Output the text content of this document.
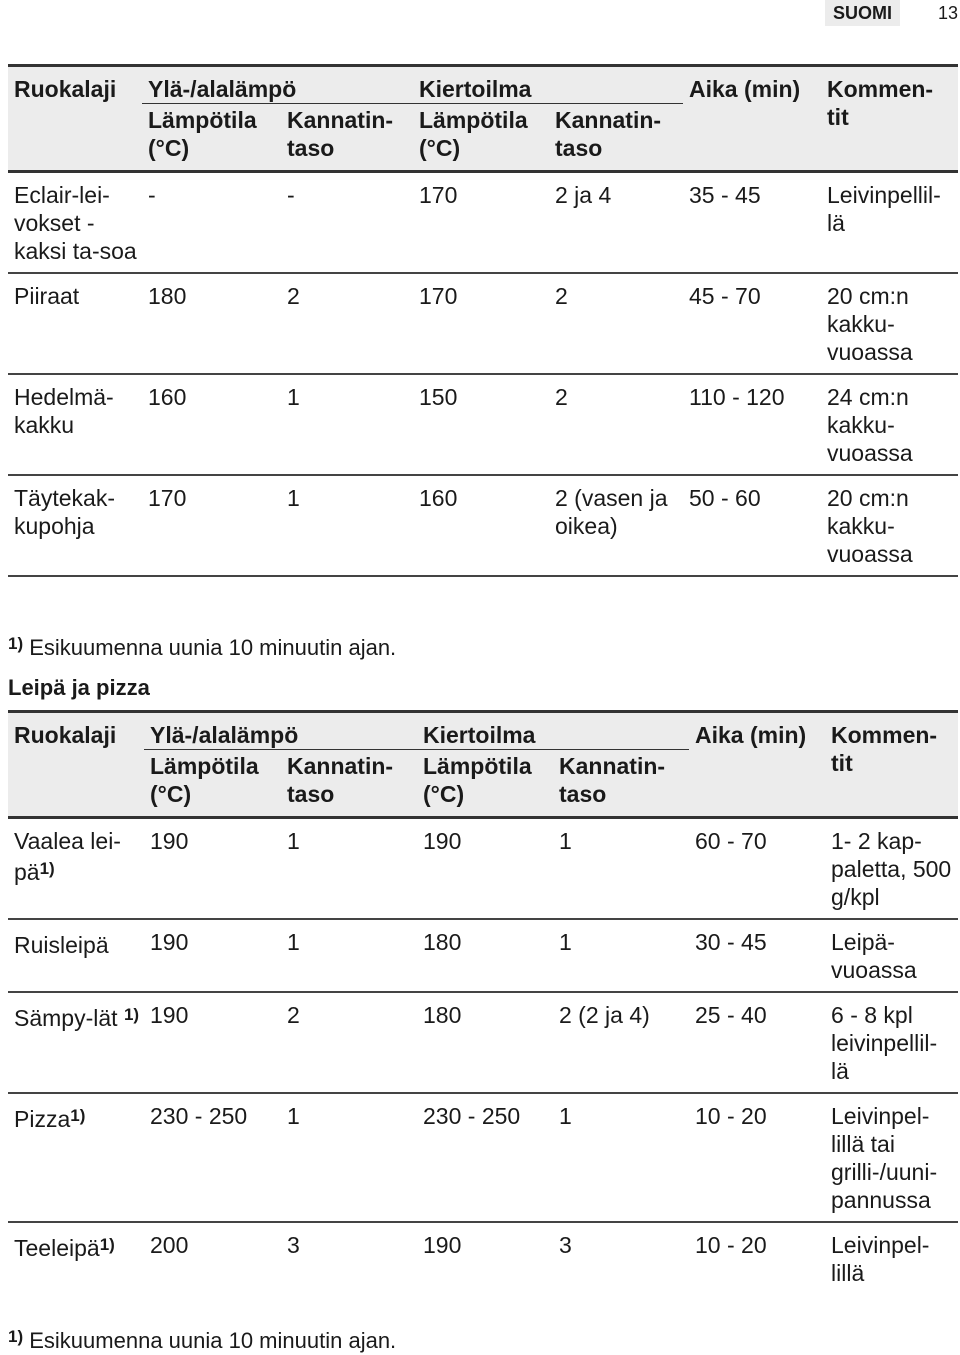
SUOMI	13
Ruokalaji	Ylä-/alalämpö		Kiertoilma		Aika (min)	Kommen-tit
	Lämpötila (°C)	Kannatin-taso	Lämpötila (°C)	Kannatin-taso		
Eclair-lei-vokset - kaksi ta-soa	-	-	170	2 ja 4	35 - 45	Leivinpellil-lä
Piiraat	180	2	170	2	45 - 70	20 cm:n kakku-vuoassa
Hedelmä-kakku	160	1	150	2	110 - 120	24 cm:n kakku-vuoassa
Täytekak-kupohja	170	1	160	2 (vasen ja oikea)	50 - 60	20 cm:n kakku-vuoassa
$^{1)}$ Esikuumenna uunia 10 minuutin ajan.
Leipä ja pizza
Ruokalaji	Ylä-/alalämpö		Kiertoilma		Aika (min)	Kommen-tit
	Lämpötila (°C)	Kannatin-taso	Lämpötila (°C)	Kannatin-taso		
Vaalea lei-$pä^{1)}$	190	1	190	1	60 - 70	1- 2 kap-paletta, 500 g/kpl
Ruisleipä	190	1	180	1	30 - 45	Leipä-vuoassa
Sämpy-lät $^{1)}$	190	2	180	2 (2 ja 4)	25 - 40	6 - 8 kpl leivinpellil-lä
Pizza$^{1)}$	230 - 250	1	230 - 250	1	10 - 20	Leivinpel-lillä tai grilli-/uuni-pannussa
Teeleipä$^{1)}$	200	3	190	3	10 - 20	Leivinpel-lillä
$^{1)}$ Esikuumenna uunia 10 minuutin ajan.
